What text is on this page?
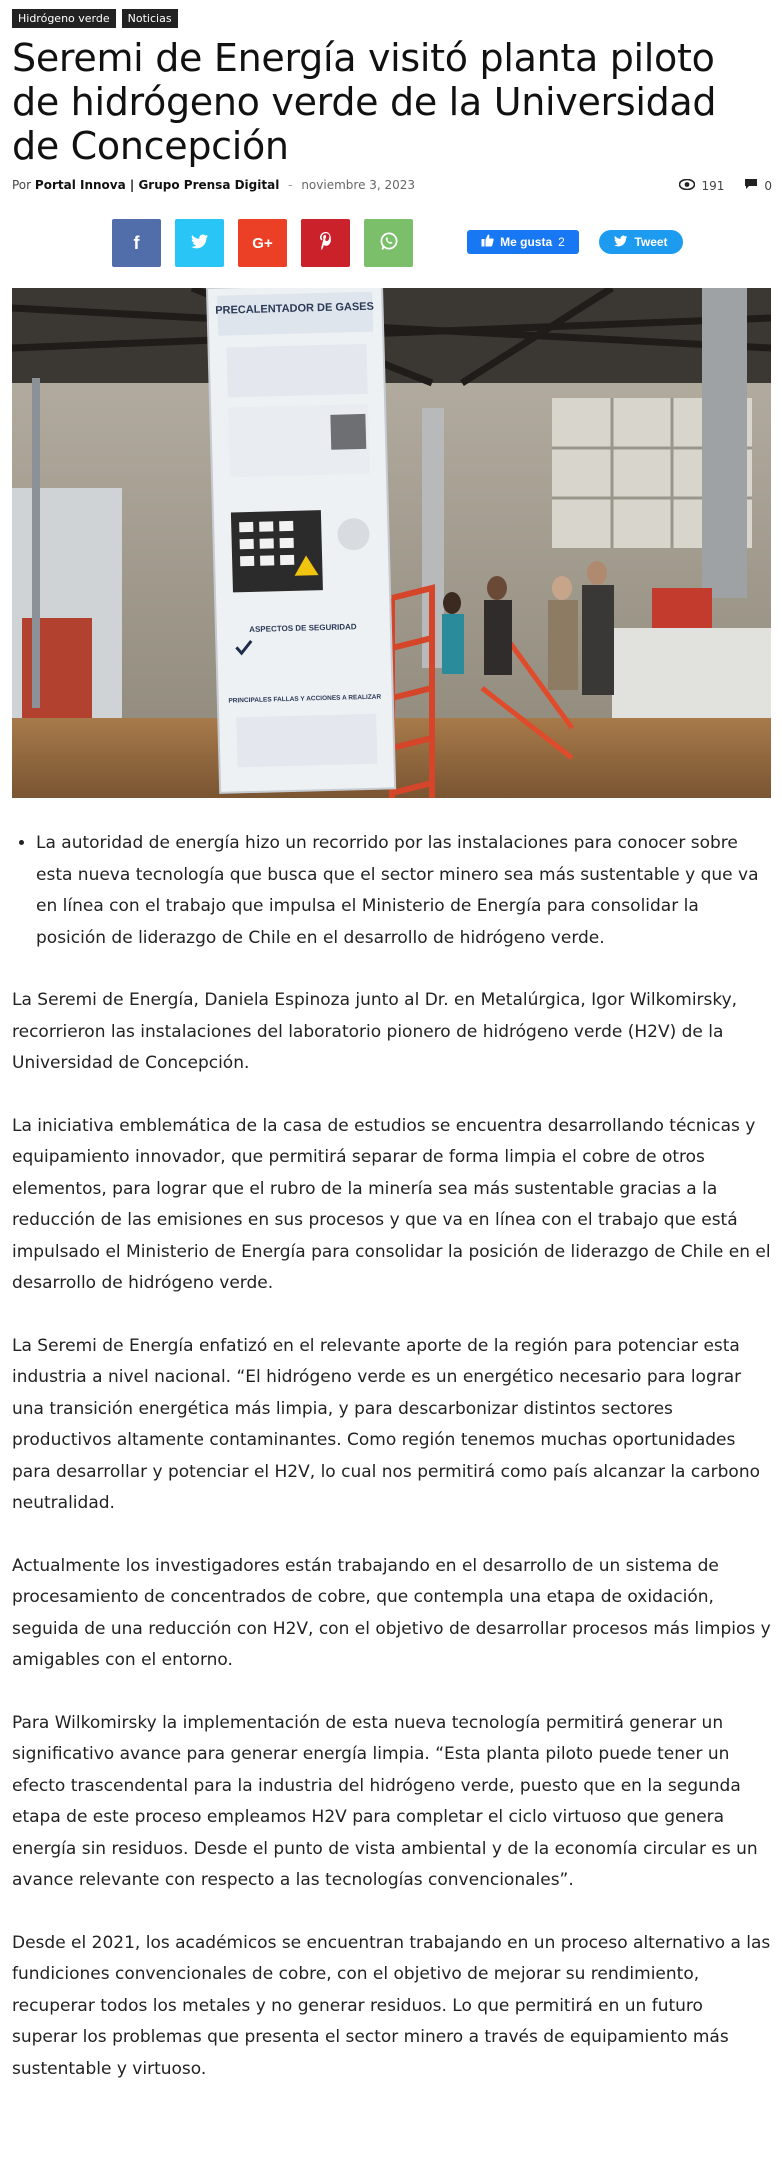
Hidrógeno verde	Noticias
Seremi de Energía visitó planta piloto de hidrógeno verde de la Universidad de Concepción
Por Portal Innova | Grupo Prensa Digital - noviembre 3, 2023	191	0
f	G+	Me gusta 2	Tweet
PRECALENTADOR DE GASES
ASPECTOS DE SEGURIDAD
PRINCIPALES FALLAS Y ACCIONES A REALIZAR
• La autoridad de energía hizo un recorrido por las instalaciones para conocer sobre esta nueva tecnología que busca que el sector minero sea más sustentable y que va en línea con el trabajo que impulsa el Ministerio de Energía para consolidar la posición de liderazgo de Chile en el desarrollo de hidrógeno verde.

La Seremi de Energía, Daniela Espinoza junto al Dr. en Metalúrgica, Igor Wilkomirsky, recorrieron las instalaciones del laboratorio pionero de hidrógeno verde (H2V) de la Universidad de Concepción.

La iniciativa emblemática de la casa de estudios se encuentra desarrollando técnicas y equipamiento innovador, que permitirá separar de forma limpia el cobre de otros elementos, para lograr que el rubro de la minería sea más sustentable gracias a la reducción de las emisiones en sus procesos y que va en línea con el trabajo que está impulsado el Ministerio de Energía para consolidar la posición de liderazgo de Chile en el desarrollo de hidrógeno verde.

La Seremi de Energía enfatizó en el relevante aporte de la región para potenciar esta industria a nivel nacional. “El hidrógeno verde es un energético necesario para lograr una transición energética más limpia, y para descarbonizar distintos sectores productivos altamente contaminantes. Como región tenemos muchas oportunidades para desarrollar y potenciar el H2V, lo cual nos permitirá como país alcanzar la carbono neutralidad.

Actualmente los investigadores están trabajando en el desarrollo de un sistema de procesamiento de concentrados de cobre, que contempla una etapa de oxidación, seguida de una reducción con H2V, con el objetivo de desarrollar procesos más limpios y amigables con el entorno.

Para Wilkomirsky la implementación de esta nueva tecnología permitirá generar un significativo avance para generar energía limpia. “Esta planta piloto puede tener un efecto trascendental para la industria del hidrógeno verde, puesto que en la segunda etapa de este proceso empleamos H2V para completar el ciclo virtuoso que genera energía sin residuos. Desde el punto de vista ambiental y de la economía circular es un avance relevante con respecto a las tecnologías convencionales”.

Desde el 2021, los académicos se encuentran trabajando en un proceso alternativo a las fundiciones convencionales de cobre, con el objetivo de mejorar su rendimiento, recuperar todos los metales y no generar residuos. Lo que permitirá en un futuro superar los problemas que presenta el sector minero a través de equipamiento más sustentable y virtuoso.
